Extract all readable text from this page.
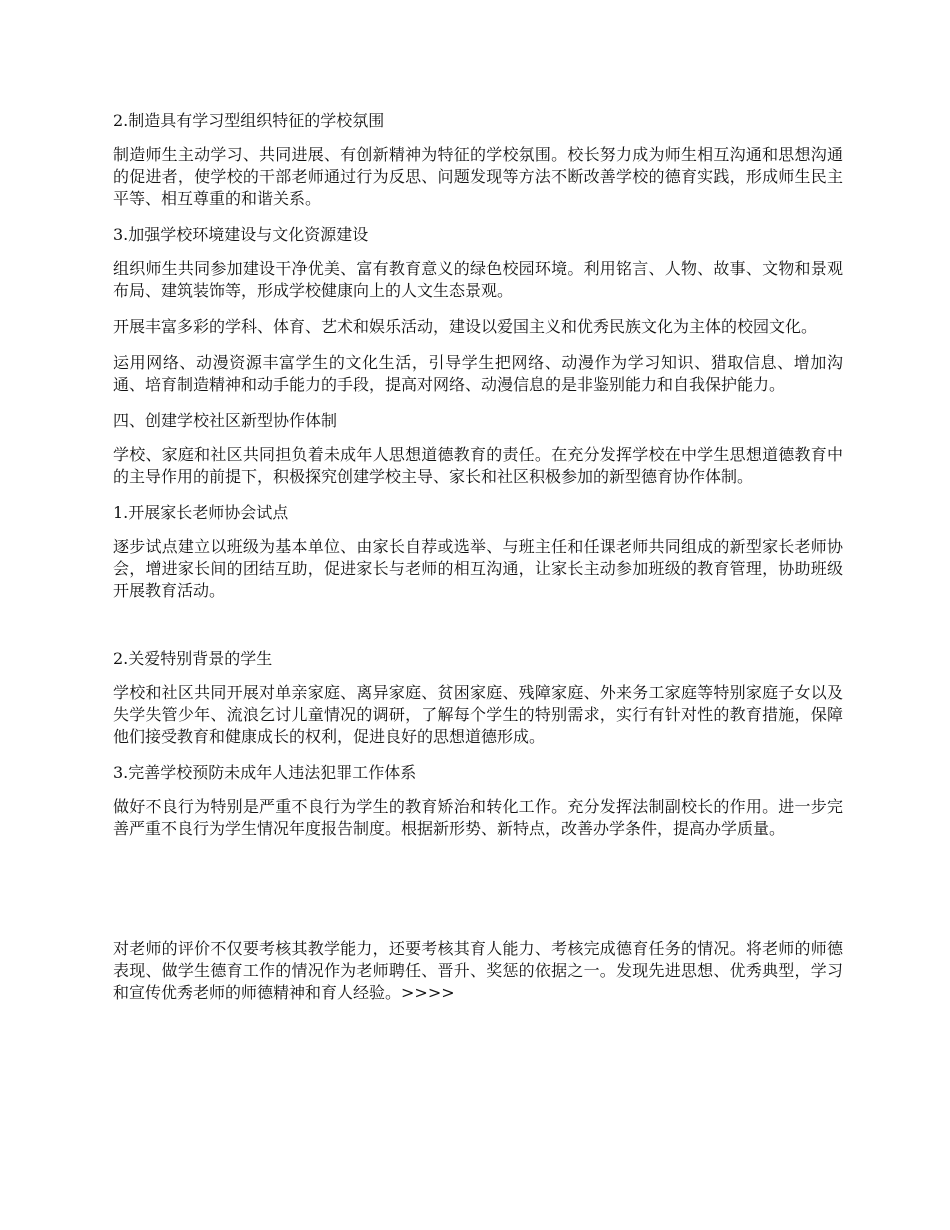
2.制造具有学习型组织特征的学校氛围

制造师生主动学习、共同进展、有创新精神为特征的学校氛围。校长努力成为师生相互沟通和思想沟通的促进者，使学校的干部老师通过行为反思、问题发现等方法不断改善学校的德育实践，形成师生民主平等、相互尊重的和谐关系。

3.加强学校环境建设与文化资源建设

组织师生共同参加建设干净优美、富有教育意义的绿色校园环境。利用铭言、人物、故事、文物和景观布局、建筑装饰等，形成学校健康向上的人文生态景观。

开展丰富多彩的学科、体育、艺术和娱乐活动，建设以爱国主义和优秀民族文化为主体的校园文化。

运用网络、动漫资源丰富学生的文化生活，引导学生把网络、动漫作为学习知识、猎取信息、增加沟通、培育制造精神和动手能力的手段，提高对网络、动漫信息的是非鉴别能力和自我保护能力。

四、创建学校社区新型协作体制

学校、家庭和社区共同担负着未成年人思想道德教育的责任。在充分发挥学校在中学生思想道德教育中的主导作用的前提下，积极探究创建学校主导、家长和社区积极参加的新型德育协作体制。

1.开展家长老师协会试点

逐步试点建立以班级为基本单位、由家长自荐或选举、与班主任和任课老师共同组成的新型家长老师协会，增进家长间的团结互助，促进家长与老师的相互沟通，让家长主动参加班级的教育管理，协助班级开展教育活动。

2.关爱特别背景的学生

学校和社区共同开展对单亲家庭、离异家庭、贫困家庭、残障家庭、外来务工家庭等特别家庭子女以及失学失管少年、流浪乞讨儿童情况的调研，了解每个学生的特别需求，实行有针对性的教育措施，保障他们接受教育和健康成长的权利，促进良好的思想道德形成。

3.完善学校预防未成年人违法犯罪工作体系

做好不良行为特别是严重不良行为学生的教育矫治和转化工作。充分发挥法制副校长的作用。进一步完善严重不良行为学生情况年度报告制度。根据新形势、新特点，改善办学条件，提高办学质量。

对老师的评价不仅要考核其教学能力，还要考核其育人能力、考核完成德育任务的情况。将老师的师德表现、做学生德育工作的情况作为老师聘任、晋升、奖惩的依据之一。发现先进思想、优秀典型，学习和宣传优秀老师的师德精神和育人经验。>>>>
